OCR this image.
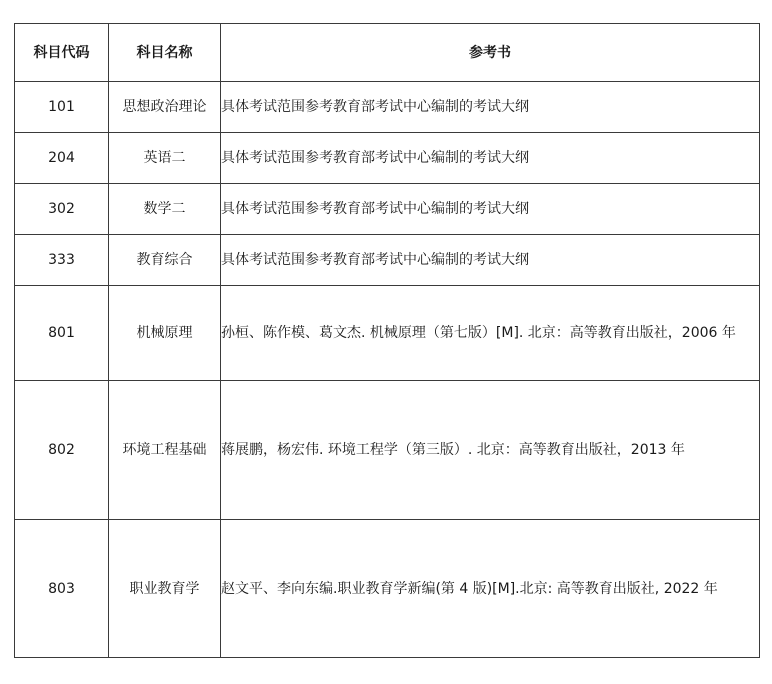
科目代码	科目名称	参考书
101	思想政治理论	具体考试范围参考教育部考试中心编制的考试大纲
204	英语二	具体考试范围参考教育部考试中心编制的考试大纲
302	数学二	具体考试范围参考教育部考试中心编制的考试大纲
333	教育综合	具体考试范围参考教育部考试中心编制的考试大纲
801	机械原理	孙桓、陈作模、葛文杰. 机械原理（第七版）[M]. 北京：高等教育出版社，2006 年
802	环境工程基础	蒋展鹏，杨宏伟. 环境工程学（第三版）. 北京：高等教育出版社，2013 年
803	职业教育学	赵文平、李向东编.职业教育学新编(第 4 版)[M].北京: 高等教育出版社, 2022 年
